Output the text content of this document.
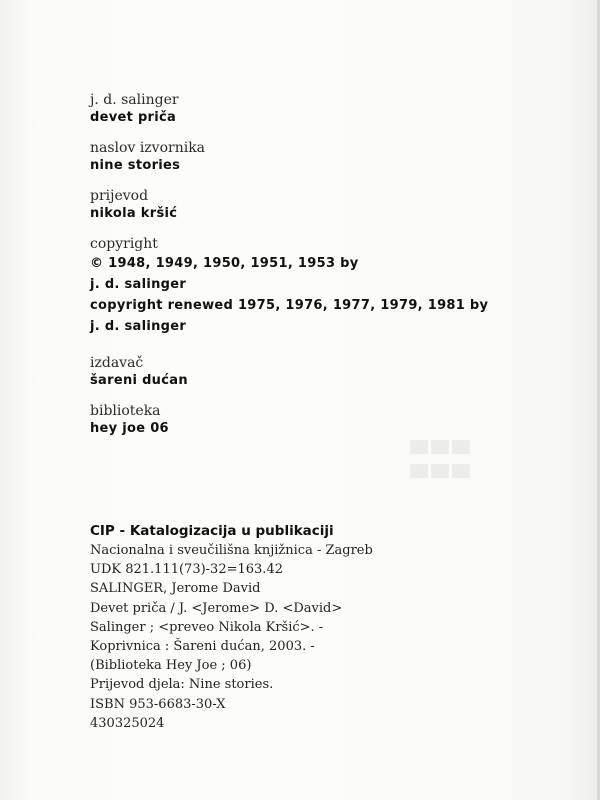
j. d. salinger
devet priča
naslov izvornika
nine stories
prijevod
nikola kršić
copyright
© 1948, 1949, 1950, 1951, 1953 by
j. d. salinger
copyright renewed 1975, 1976, 1977, 1979, 1981 by
j. d. salinger
izdavač
šareni dućan
biblioteka
hey joe 06
CIP - Katalogizacija u publikaciji
Nacionalna i sveučilišna knjižnica - Zagreb
UDK 821.111(73)-32=163.42
SALINGER, Jerome David
Devet priča / J. <Jerome> D. <David>
Salinger ; <preveo Nikola Kršić>. -
Koprivnica : Šareni dućan, 2003. -
(Biblioteka Hey Joe ; 06)
Prijevod djela: Nine stories.
ISBN 953-6683-30-X
430325024
